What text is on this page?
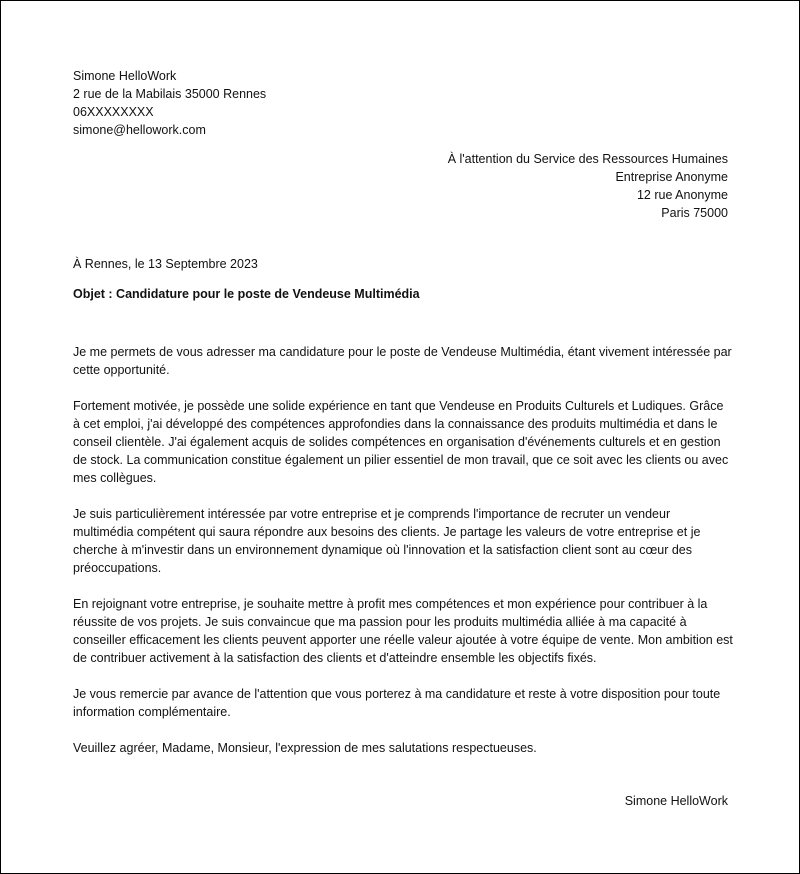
Simone HelloWork
2 rue de la Mabilais 35000 Rennes
06XXXXXXXX
simone@hellowork.com
À l'attention du Service des Ressources Humaines
Entreprise Anonyme
12 rue Anonyme
Paris 75000
À Rennes, le 13 Septembre 2023
Objet : Candidature pour le poste de Vendeuse Multimédia

Je me permets de vous adresser ma candidature pour le poste de Vendeuse Multimédia, étant vivement intéressée par cette opportunité.

Fortement motivée, je possède une solide expérience en tant que Vendeuse en Produits Culturels et Ludiques. Grâce à cet emploi, j'ai développé des compétences approfondies dans la connaissance des produits multimédia et dans le conseil clientèle. J'ai également acquis de solides compétences en organisation d'événements culturels et en gestion de stock. La communication constitue également un pilier essentiel de mon travail, que ce soit avec les clients ou avec mes collègues.

Je suis particulièrement intéressée par votre entreprise et je comprends l'importance de recruter un vendeur multimédia compétent qui saura répondre aux besoins des clients. Je partage les valeurs de votre entreprise et je cherche à m'investir dans un environnement dynamique où l'innovation et la satisfaction client sont au cœur des préoccupations.

En rejoignant votre entreprise, je souhaite mettre à profit mes compétences et mon expérience pour contribuer à la réussite de vos projets. Je suis convaincue que ma passion pour les produits multimédia alliée à ma capacité à conseiller efficacement les clients peuvent apporter une réelle valeur ajoutée à votre équipe de vente. Mon ambition est de contribuer activement à la satisfaction des clients et d'atteindre ensemble les objectifs fixés.

Je vous remercie par avance de l'attention que vous porterez à ma candidature et reste à votre disposition pour toute information complémentaire.

Veuillez agréer, Madame, Monsieur, l'expression de mes salutations respectueuses.

Simone HelloWork
